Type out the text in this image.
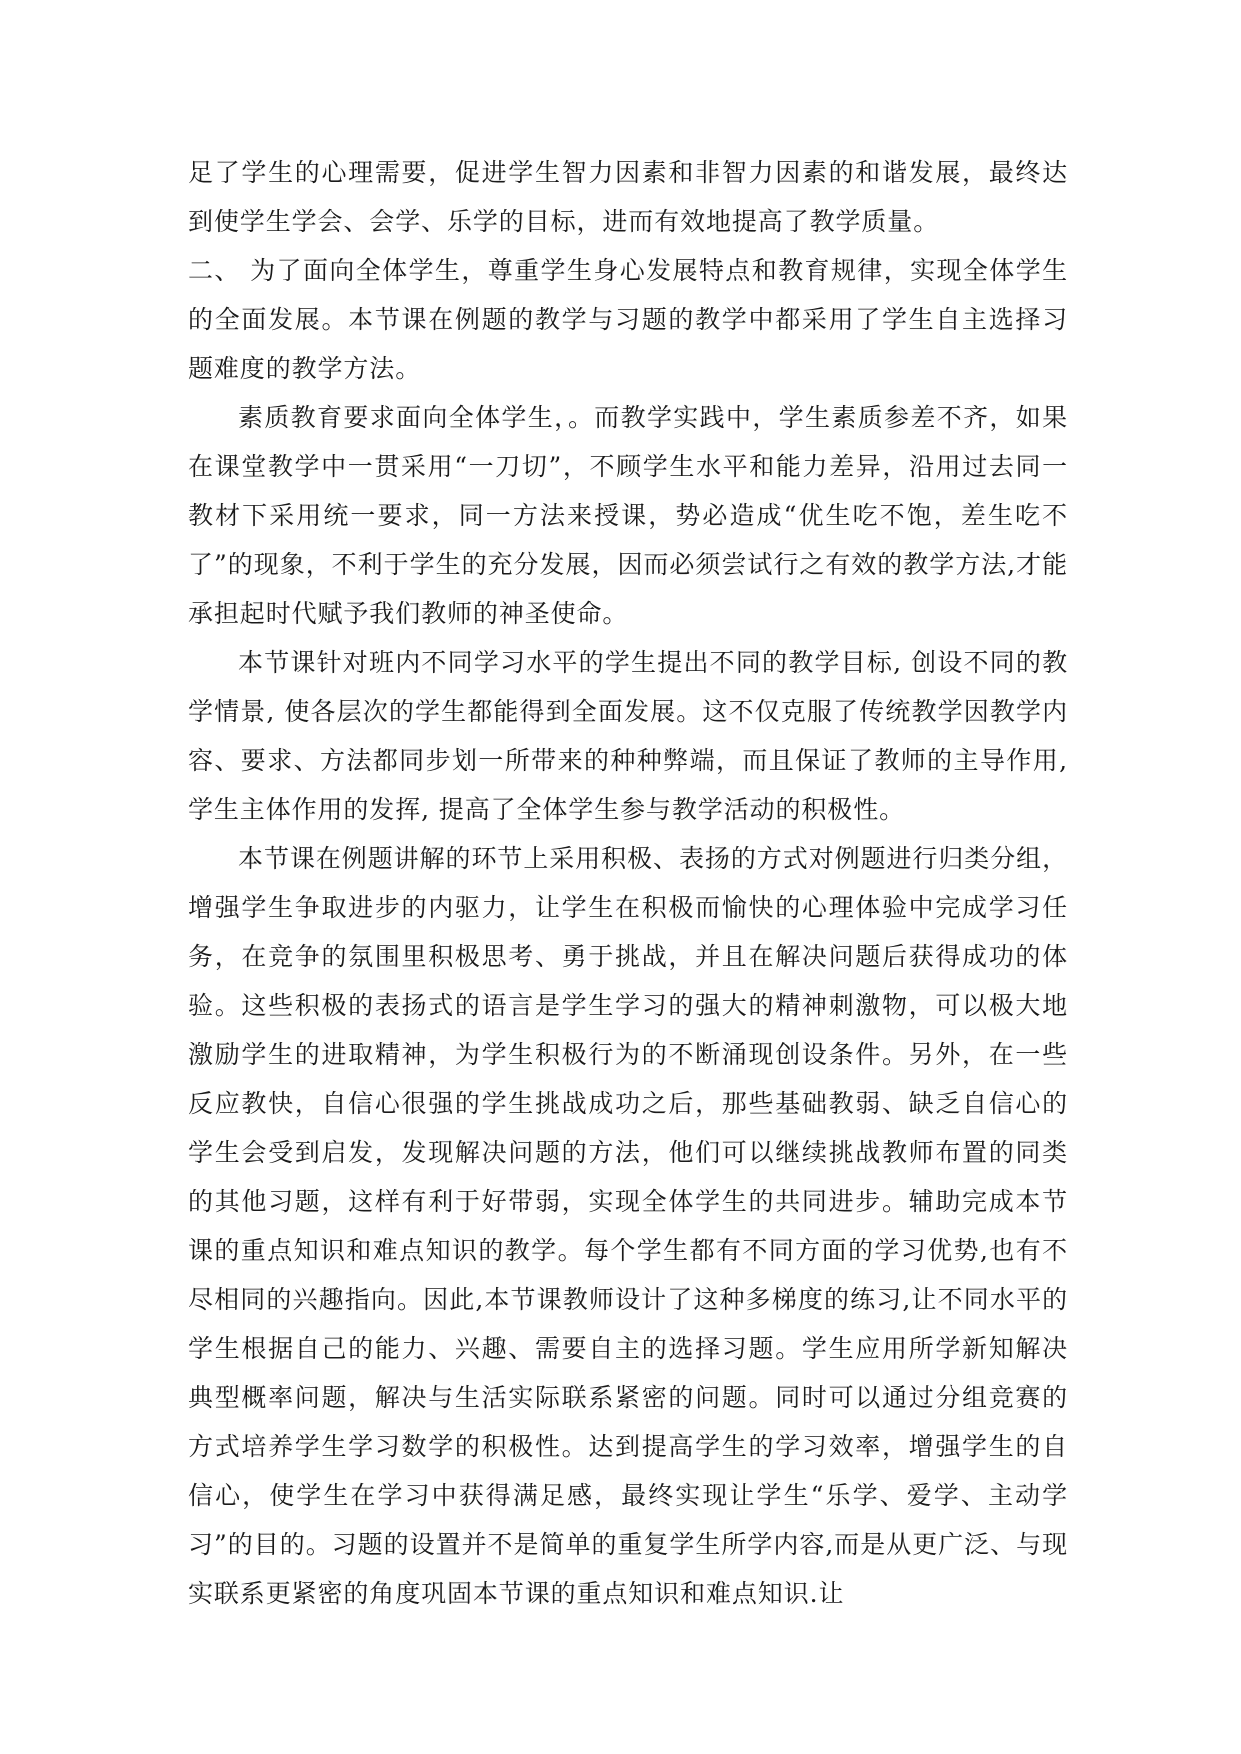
足了学生的心理需要，促进学生智力因素和非智力因素的和谐发展，最终达到使学生学会、会学、乐学的目标，进而有效地提高了教学质量。

二、 为了面向全体学生，尊重学生身心发展特点和教育规律，实现全体学生的全面发展。本节课在例题的教学与习题的教学中都采用了学生自主选择习题难度的教学方法。

素质教育要求面向全体学生，。而教学实践中，学生素质参差不齐，如果在课堂教学中一贯采用“一刀切”，不顾学生水平和能力差异，沿用过去同一教材下采用统一要求，同一方法来授课，势必造成“优生吃不饱，差生吃不了”的现象，不利于学生的充分发展，因而必须尝试行之有效的教学方法,才能承担起时代赋予我们教师的神圣使命。

本节课针对班内不同学习水平的学生提出不同的教学目标, 创设不同的教学情景, 使各层次的学生都能得到全面发展。这不仅克服了传统教学因教学内容、要求、方法都同步划一所带来的种种弊端，而且保证了教师的主导作用, 学生主体作用的发挥, 提高了全体学生参与教学活动的积极性。

本节课在例题讲解的环节上采用积极、表扬的方式对例题进行归类分组，增强学生争取进步的内驱力，让学生在积极而愉快的心理体验中完成学习任务，在竞争的氛围里积极思考、勇于挑战，并且在解决问题后获得成功的体验。这些积极的表扬式的语言是学生学习的强大的精神刺激物，可以极大地激励学生的进取精神，为学生积极行为的不断涌现创设条件。另外，在一些反应教快，自信心很强的学生挑战成功之后，那些基础教弱、缺乏自信心的学生会受到启发，发现解决问题的方法，他们可以继续挑战教师布置的同类的其他习题，这样有利于好带弱，实现全体学生的共同进步。辅助完成本节课的重点知识和难点知识的教学。每个学生都有不同方面的学习优势,也有不尽相同的兴趣指向。因此,本节课教师设计了这种多梯度的练习,让不同水平的学生根据自己的能力、兴趣、需要自主的选择习题。学生应用所学新知解决典型概率问题，解决与生活实际联系紧密的问题。同时可以通过分组竞赛的方式培养学生学习数学的积极性。达到提高学生的学习效率，增强学生的自信心，使学生在学习中获得满足感，最终实现让学生“乐学、爱学、主动学习”的目的。习题的设置并不是简单的重复学生所学内容,而是从更广泛、与现实联系更紧密的角度巩固本节课的重点知识和难点知识.让
